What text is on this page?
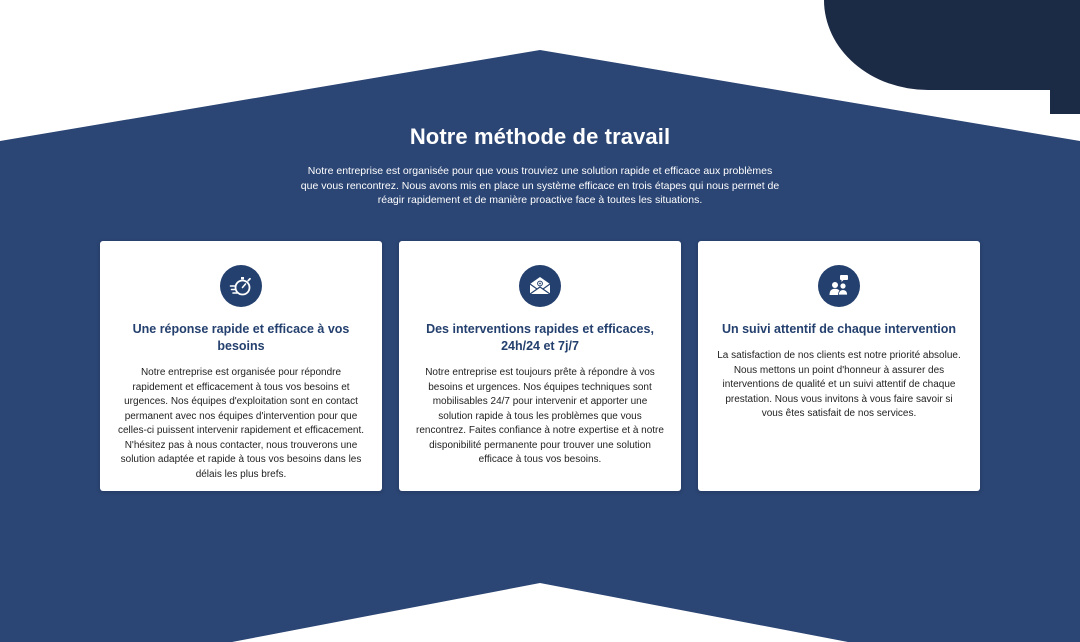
Notre méthode de travail

Notre entreprise est organisée pour que vous trouviez une solution rapide et efficace aux problèmes que vous rencontrez. Nous avons mis en place un système efficace en trois étapes qui nous permet de réagir rapidement et de manière proactive face à toutes les situations.

Une réponse rapide et efficace à vos besoins

Notre entreprise est organisée pour répondre rapidement et efficacement à tous vos besoins et urgences. Nos équipes d'exploitation sont en contact permanent avec nos équipes d'intervention pour que celles-ci puissent intervenir rapidement et efficacement. N'hésitez pas à nous contacter, nous trouverons une solution adaptée et rapide à tous vos besoins dans les délais les plus brefs.

Des interventions rapides et efficaces, 24h/24 et 7j/7

Notre entreprise est toujours prête à répondre à vos besoins et urgences. Nos équipes techniques sont mobilisables 24/7 pour intervenir et apporter une solution rapide à tous les problèmes que vous rencontrez. Faites confiance à notre expertise et à notre disponibilité permanente pour trouver une solution efficace à tous vos besoins.

Un suivi attentif de chaque intervention

La satisfaction de nos clients est notre priorité absolue. Nous mettons un point d'honneur à assurer des interventions de qualité et un suivi attentif de chaque prestation. Nous vous invitons à vous faire savoir si vous êtes satisfait de nos services.
